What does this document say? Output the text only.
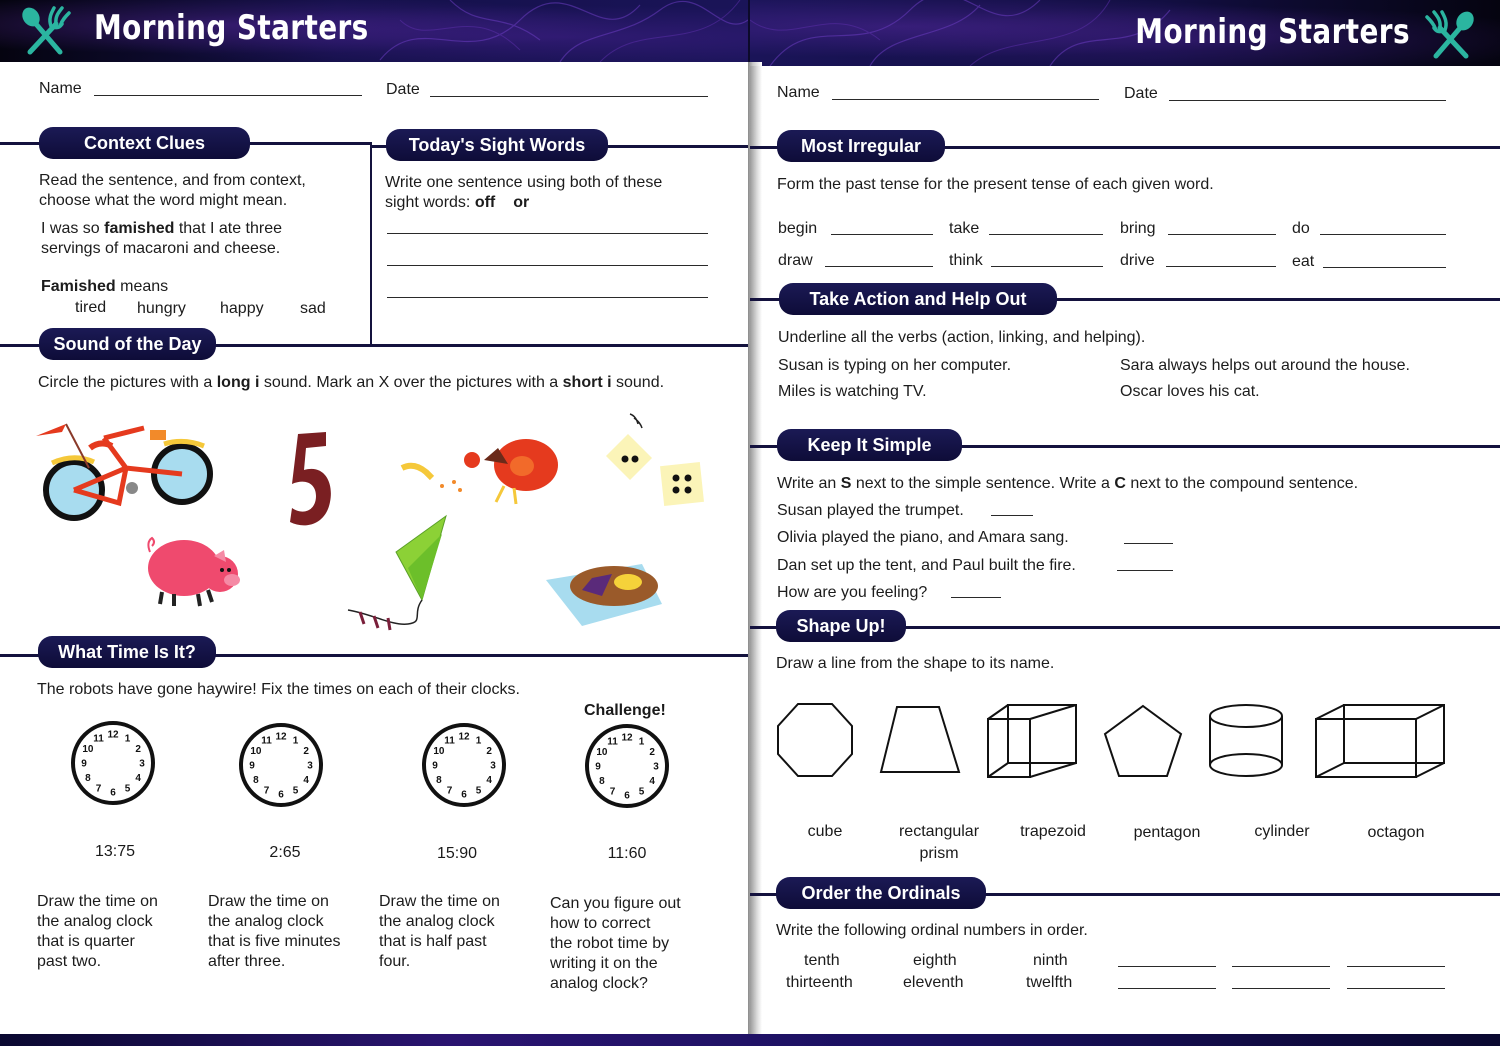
Morning Starters	Morning Starters
Name	Date
Context Clues	Today's Sight Words
Read the sentence, and from context,
choose what the word might mean.
I was so famished that I ate three
servings of macaroni and cheese.
Famished means
tired hungry happy sad
Write one sentence using both of these
sight words: off or
Sound of the Day
Circle the pictures with a long i sound. Mark an X over the pictures with a short i sound.
What Time Is It?
The robots have gone haywire! Fix the times on each of their clocks.
Challenge!
12 1
2
3
4
5
6
7
8
9
10
11	12 1
2
3
4
5
6
7
8
9
10
11	12 1
2
3
4
5
6
7
8
9
10
11	12 1
2
3
4
5
6
7
8
9
10
11
13:75	2:65	15:90	11:60
Draw the time on
the analog clock
that is quarter
past two.
Draw the time on
the analog clock
that is five minutes
after three.
Draw the time on
the analog clock
that is half past
four.
Can you figure out
how to correct
the robot time by
writing it on the
analog clock?
Name	Date
Most Irregular
Form the past tense for the present tense of each given word.
begin	take	bring	do
draw	think	drive	eat
Take Action and Help Out
Underline all the verbs (action, linking, and helping).
Susan is typing on her computer.
Miles is watching TV.
Sara always helps out around the house.
Oscar loves his cat.
Keep It Simple
Write an S next to the simple sentence. Write a C next to the compound sentence.
Susan played the trumpet.
Olivia played the piano, and Amara sang.
Dan set up the tent, and Paul built the fire.
How are you feeling?
Shape Up!
Draw a line from the shape to its name.
cube	rectangular
prism
trapezoid	pentagon	cylinder	octagon
Order the Ordinals
Write the following ordinal numbers in order.
tenth	eighth	ninth
thirteenth	eleventh	twelfth
